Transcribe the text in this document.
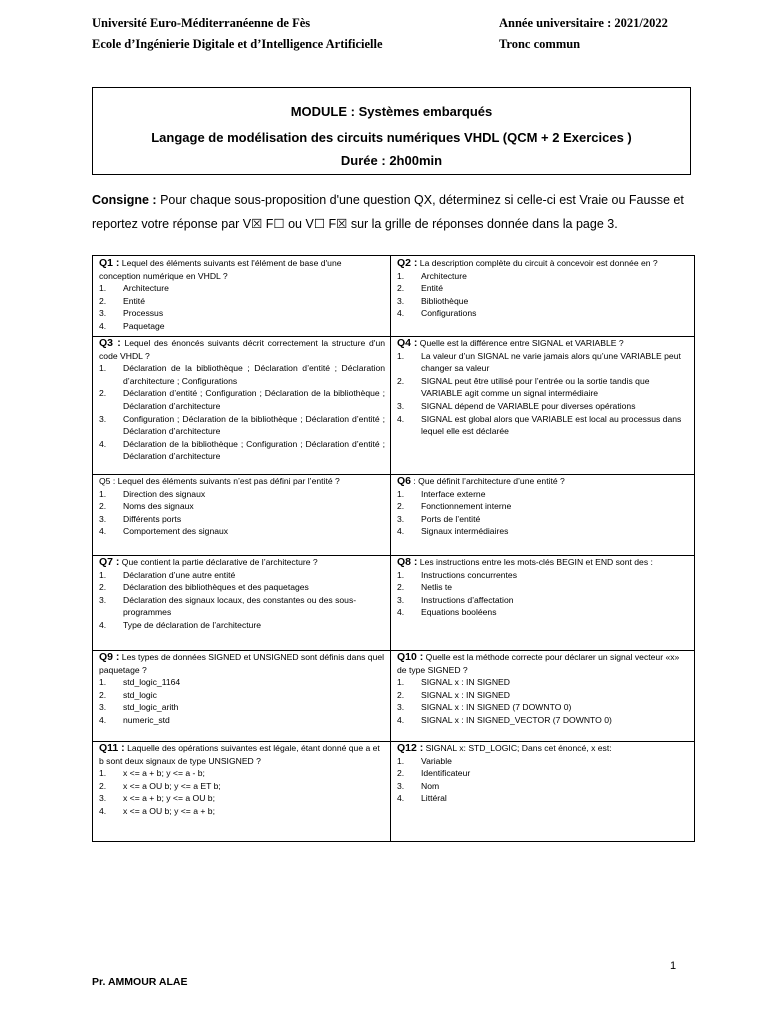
Université Euro-Méditerranéenne de Fès
Ecole d’Ingénierie Digitale et d’Intelligence Artificielle
Année universitaire : 2021/2022
Tronc commun
MODULE : Systèmes embarqués
Langage de modélisation des circuits numériques VHDL (QCM + 2 Exercices )
Durée : 2h00min
Consigne : Pour chaque sous-proposition d'une question QX, déterminez si celle-ci est Vraie ou Fausse et reportez votre réponse par V☒ F☐ ou V☐ F☒ sur la grille de réponses donnée dans la page 3.
Q1 : Lequel des éléments suivants est l'élément de base d'une conception numérique en VHDL ?
1. Architecture
2. Entité
3. Processus
4. Paquetage
Q2 : La description complète du circuit à concevoir est donnée en ?
1. Architecture
2. Entité
3. Bibliothèque
4. Configurations
Q3 : Lequel des énoncés suivants décrit correctement la structure d'un code VHDL ?
1. Déclaration de la bibliothèque ; Déclaration d’entité ; Déclaration d’architecture ; Configurations
2. Déclaration d’entité ; Configuration ; Déclaration de la bibliothèque ; Déclaration d’architecture
3. Configuration ; Déclaration de la bibliothèque ; Déclaration d’entité ; Déclaration d’architecture
4. Déclaration de la bibliothèque ; Configuration ; Déclaration d’entité ; Déclaration d’architecture
Q4 : Quelle est la différence entre SIGNAL et VARIABLE ?
1. La valeur d’un SIGNAL ne varie jamais alors qu’une VARIABLE peut changer sa valeur
2. SIGNAL peut être utilisé pour l’entrée ou la sortie tandis que VARIABLE agit comme un signal intermédiaire
3. SIGNAL dépend de VARIABLE pour diverses opérations
4. SIGNAL est global alors que VARIABLE est local au processus dans lequel elle est déclarée
Q5 : Lequel des éléments suivants n’est pas défini par l’entité ?
1. Direction des signaux
2. Noms des signaux
3. Différents ports
4. Comportement des signaux
Q6 : Que définit l’architecture d’une entité ?
1. Interface externe
2. Fonctionnement interne
3. Ports de l’entité
4. Signaux intermédiaires
Q7 : Que contient la partie déclarative de l’architecture ?
1. Déclaration d’une autre entité
2. Déclaration des bibliothèques et des paquetages
3. Déclaration des signaux locaux, des constantes ou des sous-programmes
4. Type de déclaration de l’architecture
Q8 : Les instructions entre les mots-clés BEGIN et END sont des :
1. Instructions concurrentes
2. Netlis te
3. Instructions d’affectation
4. Equations booléens
Q9 : Les types de données SIGNED et UNSIGNED sont définis dans quel paquetage ?
1. std_logic_1164
2. std_logic
3. std_logic_arith
4. numeric_std
Q10 : Quelle est la méthode correcte pour déclarer un signal vecteur «x» de type SIGNED ?
1. SIGNAL x : IN SIGNED
2. SIGNAL x : IN SIGNED
3. SIGNAL x : IN SIGNED (7 DOWNTO 0)
4. SIGNAL x : IN SIGNED_VECTOR (7 DOWNTO 0)
Q11 : Laquelle des opérations suivantes est légale, étant donné que a et b sont deux signaux de type UNSIGNED ?
1. x <= a + b; y <= a - b;
2. x <= a OU b; y <= a ET b;
3. x <= a + b; y <= a OU b;
4. x <= a OU b; y <= a + b;
Q12 : SIGNAL x: STD_LOGIC; Dans cet énoncé, x est:
1. Variable
2. Identificateur
3. Nom
4. Littéral
1
Pr. AMMOUR ALAE
